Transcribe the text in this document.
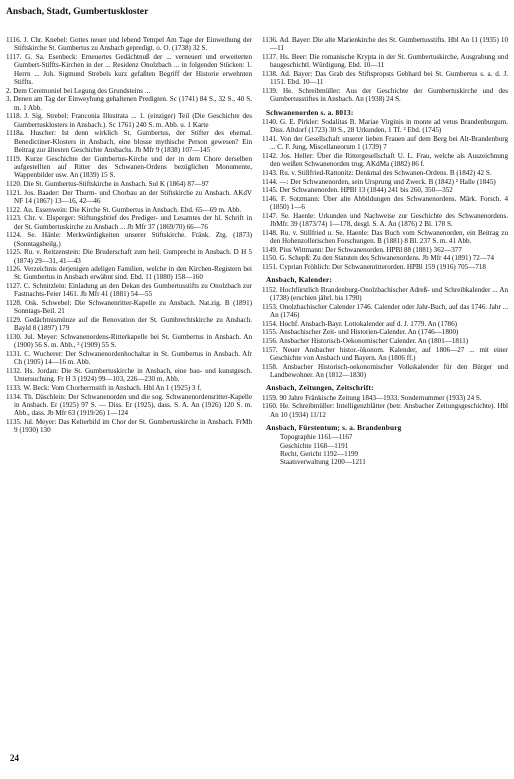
Ansbach, Stadt, Gumbertuskloster
1116. J. Chr. Knebel: Gottes neuer und lebend Tempel Am Tage der Einweihung der Stiftskirche St. Gumbertus zu Ansbach gepredigt. o. O. (1738) 32 S.
1117. G. Sa. Esenbeck: Erneuertes Gedächtnuß der ... verneuert und erweiterten Gumbert-Stiffts-Kirchen in der ... Residenz Onolzbach ... in folgenden Stücken: 1. Herrn ... Joh. Sigmund Strebels kurz gefaßten Begriff der Historie erwehnten Stiffts.
2. Dem Ceremoniel bei Legung des Grundsteins ...
3. Denen am Tag der Einweyhung gehaltenen Predigten. Sc (1741) 84 S., 32 S., 40 S. m. 1 Abb.
1118. J. Sig. Strebel: Franconia Illustrata ... 1. (einziger) Teil (Die Geschichte des Gumbertusklosters in Ansbach.). Sc 1761) 240 S. m. Abb. u. 1 Karte
1118a. Huscher: Ist denn wirklich St. Gumbertus, der Stifter des ehemal. Benedictiner-Klosters in Ansbach, eine blosse mythische Person gewesen? Ein Beitrag zur ältesten Geschichte Ansbachs. Jb Mfr 9 (1838) 107—145
1119. Kurze Geschichte der Gumbertus-Kirche und der in dem Chore derselben aufgestellten auf Ritter des Schwanen-Ordens bezüglichen Monumente, Wappenbilder usw. An (1839) 15 S.
1120. Die St. Gumbertus-Stiftskirche in Ansbach. Sul K (1864) 87—97
1121. Jos. Baader: Der Thurm- und Chorbau an der Stiftskirche zu Ansbach. AKdV NF 14 (1867) 13—16, 42—46
1122. Au. Essenwein: Die Kirche St. Gumbertus in Ansbach. Ebd. 65—69 m. Abb.
1123. Chr. v. Elsperger: Stiftungsbrief des Prediger- und Lesamtes der hl. Schrift in der St. Gumbertuskirche zu Ansbach ... Jb Mfr 37 (1869/70) 66—76
1124. Se. Hänle: Merkwürdigkeiten unserer Stiftskirche. Fränk. Ztg. (1873) (Sonntagsbeilg.)
1125. Ru. v. Reitzenstein: Die Bruderschaft zum heil. Gumprecht in Ansbach. D H 5 (1874) 29—31, 41—43
1126. Verzeichnis derjenigen adeligen Familien, welche in den Kirchen-Registern bei St. Gumbertus in Ansbach erwähnt sind. Ebd. 11 (1880) 158—160
1127. C. Schnitzlein: Einladung an den Dekan des Gumbertusstifts zu Onolzbach zur Fastnachts-Feier 1461. Jb Mfr 41 (1881) 54—55
1128. Osk. Schwebel: Die Schwanenritter-Kapelle zu Ansbach. Nat.zig. B (1891) Sonntags-Beil. 21
1129. Gedächtnismünze auf die Renovation der St. Gumbrechtskirche zu Ansbach. Bayld 8 (1897) 179
1130. Jul. Meyer: Schwanenordens-Ritterkapelle bei St. Gumbertus in Ansbach. An (1900) 56 S. m. Abb., ² (1909) 55 S.
1131. C. Wucherer: Der Schwanenordenhochaltar in St. Gumbertus in Ansbach. Afr Ch (1905) 14—16 m. Abb.
1132. Hs. Jordan: Die St. Gumbertuskirche in Ansbach, eine bau- und kunstgesch. Untersuchung. Fr H 3 (1924) 99—103, 226—230 m. Abb.
1133. W. Beck: Vom Chorherrnstift in Ansbach. Hbl An 1 (1925) 3 f.
1134. Th. Däschlein: Der Schwanenorden und die sog. Schwanenordensritter-Kapelle in Ansbach. Er (1925) 97 S. — Diss. Er (1925), dass. S. A. An (1926) 120 S. m. Abb., dass. Jb Mfr 63 (1919/26) 1—124
1135. Jul. Meyer: Das Kelterbild im Chor der St. Gumbertuskirche in Ansbach. FrMh 9 (1930) 130
1136. Ad. Bayer: Die alte Marienkirche des St. Gumbertusstifts. Hbl An 11 (1935) 10—11
1137. Hs. Beer: Die romanische Krypta in der St. Gumbertuskirche, Ausgrabung und baugeschichtl. Würdigung. Ebd. 10—11
1138. Ad. Bayer: Das Grab des Stiftspropsts Gebhard bei St. Gumbertus s. a. d. J. 1151. Ebd. 10—11
1139. He. Schreibmüller: Aus der Geschichte der Gumbertuskirche und des Gumbertusstiftes in Ansbach. An (1938) 24 S.
Schwanenorden s. a. 8013:
1140. G. E. Pirkler: Sodalitas B. Mariae Virginis in monte ad vetus Brandenburgum. Diss. Altdorf (1723) 30 S., 28 Urkunden, 1 Tf. ² Ebd. (1745)
1141. Von der Gesellschaft unserer lieben Frauen auf dem Berg bei Alt-Brandenburg ... C. F. Jung, Miscellaneorum 1 (1739) 7
1142. Jos. Heller: Über die Rittergesellschaft U. L. Frau, welche als Auszeichnung den weißen Schwanenorden trug. AKdMa (1882) 86 f.
1143. Ru. v. Stillfried-Rattonitz: Denkmal des Schwanen-Ordens. B (1842) 42 S.
1144. —: Der Schwanenorden, sein Ursprung und Zweck. B (1842) ² Halle (1845)
1145. Der Schwanenorden. HPBl 13 (1844) 241 bis 260, 350—352
1146. F. Sotzmann: Über alte Abbildungen des Schwanenordens. Märk. Forsch. 4 (1850) 1—6
1147. Se. Haenle: Urkunden und Nachweise zur Geschichte des Schwanenordens. JbMfr. 39 (1873/74) 1—178, desgl. S. A. An (1876) 2 Bl. 178 S.
1148. Ru. v. Stillfried u. Se. Haenle: Das Buch vom Schwanenorden, ein Beitrag zu den Hohenzollerischen Forschungen. B (1881) 8 Bl. 237 S. m. 41 Abb.
1149. Pius Wittmann: Der Schwanenorden. HPBl 88 (1881) 362—377
1150. G. Schepß: Zu den Statuten des Schwanenordens. Jb Mfr 44 (1891) 72—74
1151. Cyprian Fröhlich: Der Schwanenritterorden. HPBl 159 (1916) 705—718
Ansbach, Kalender:
1152. Hochfürstlich Brandenburg-Onolzbachischer Adreß- und Schreibkalender ... An (1738) (erschien jährl. bis 1790)
1153. Onolzbachischer Calender 1746. Calender oder Jahr-Buch, auf das 1746. Jahr ... An (1746)
1154. Hochf. Ansbach-Bayr. Lottokalender auf d. J. 1779. An (1786)
1155. Ansbachischer Zeit- und Historien-Calender. An (1746—1800)
1156. Ansbacher Historisch-Oekonomischer Calender. An (1801—1811)
1157. Neuer Ansbacher histor.-ökonom. Kalender, auf 1806—27 ... mit einer Geschichte von Ansbach und Bayern. An (1806 ff.)
1158. Ansbacher Historisch-oekonomischer Volkskalender für den Bürger und Landbewohner. An (1812—1830)
Ansbach, Zeitungen, Zeitschrift:
1159. 90 Jahre Fränkische Zeitung 1843—1933. Sondernummer (1933) 24 S.
1160. He. Schreibmüller: Intelligenzblätter (betr. Ansbacher Zeitungsgeschichte). Hbl An 10 (1934) 11/12
Ansbach, Fürstentum; s. a. Brandenburg
Topographie 1161—1167
Geschichte 1168—1191
Recht, Gericht 1192—1199
Staatsverwaltung 1200—1211
24
